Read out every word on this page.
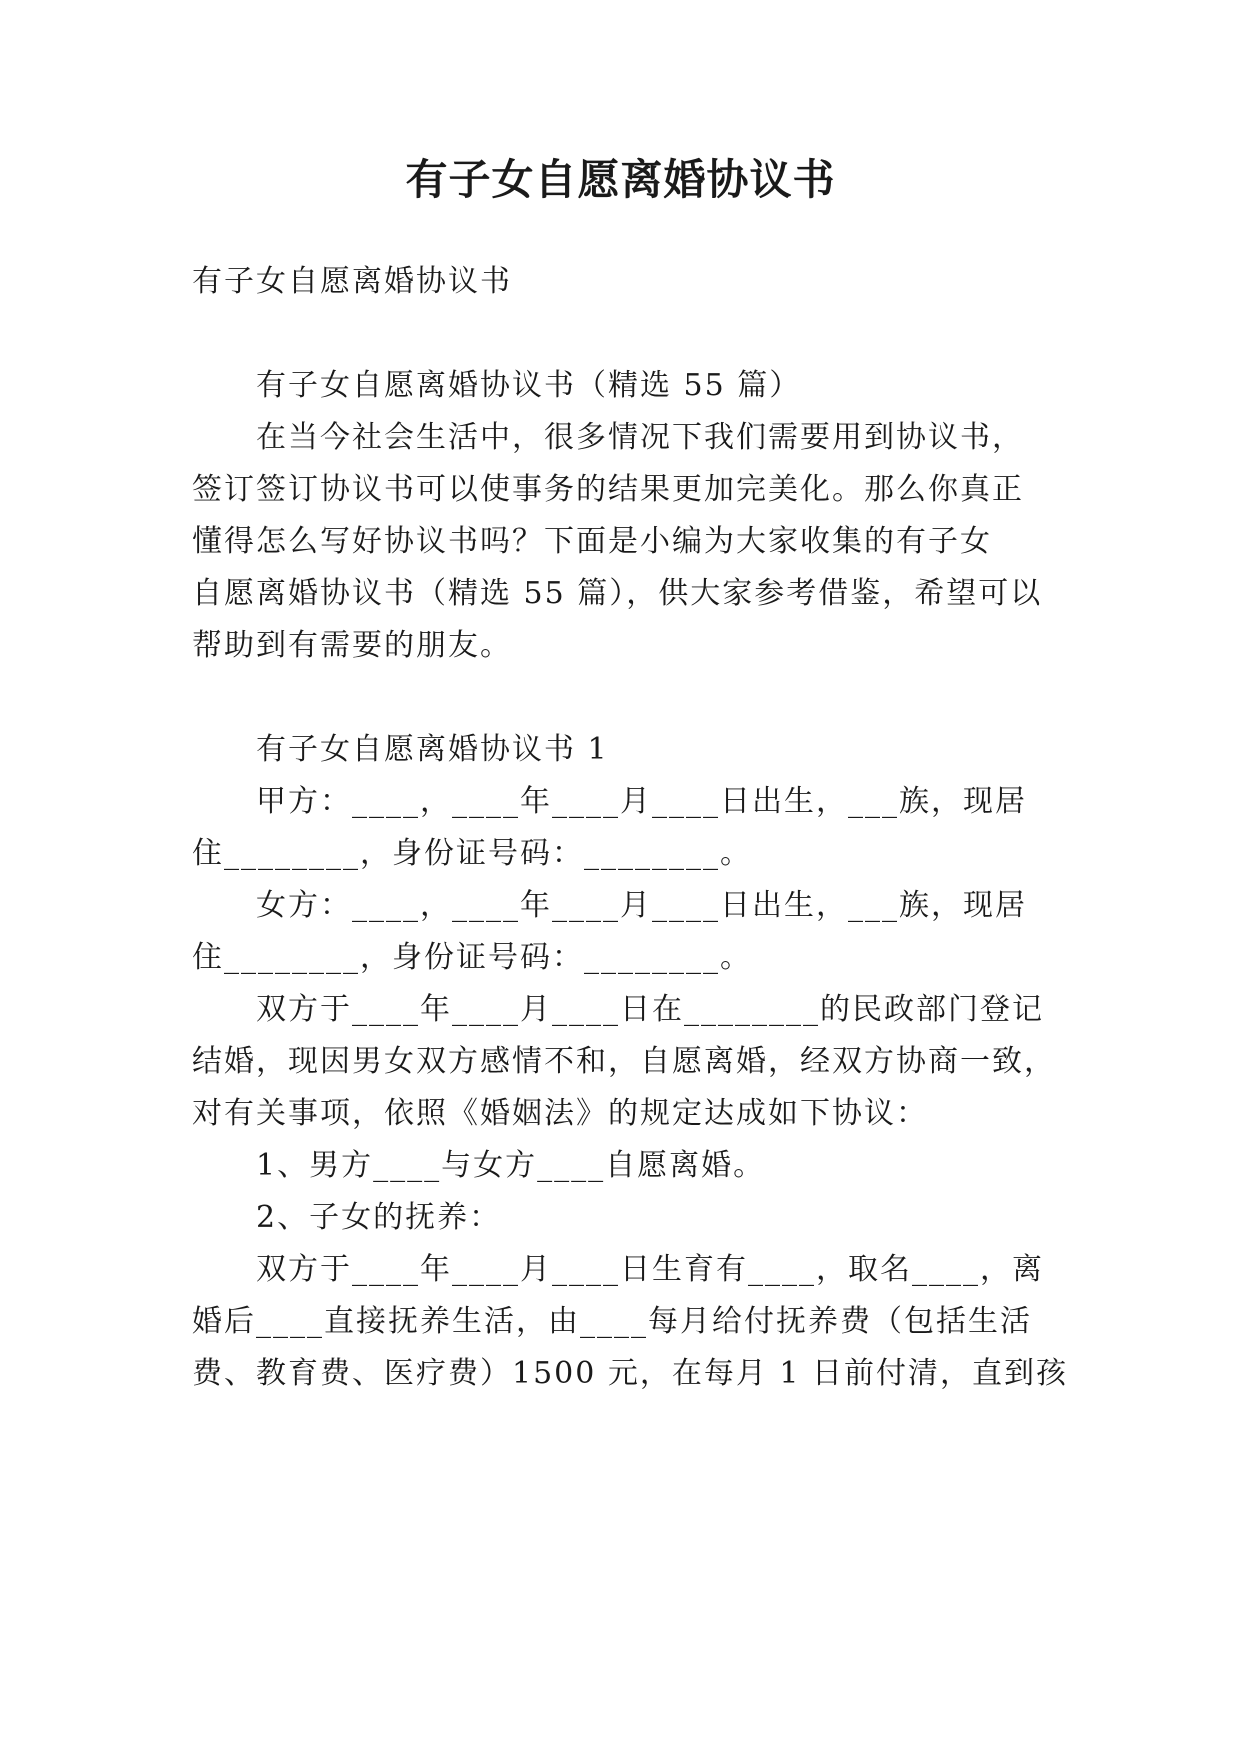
有子女自愿离婚协议书

有子女自愿离婚协议书

有子女自愿离婚协议书（精选 55 篇）

在当今社会生活中，很多情况下我们需要用到协议书，

签订签订协议书可以使事务的结果更加完美化。那么你真正

懂得怎么写好协议书吗？下面是小编为大家收集的有子女

自愿离婚协议书（精选 55 篇），供大家参考借鉴，希望可以

帮助到有需要的朋友。

有子女自愿离婚协议书 1

甲方：____，____年____月____日出生，___族，现居

住________，身份证号码：________。

女方：____，____年____月____日出生，___族，现居

住________，身份证号码：________。

双方于____年____月____日在________的民政部门登记

结婚，现因男女双方感情不和，自愿离婚，经双方协商一致，

对有关事项，依照《婚姻法》的规定达成如下协议：

1、男方____与女方____自愿离婚。

2、子女的抚养：

双方于____年____月____日生育有____，取名____，离

婚后____直接抚养生活，由____每月给付抚养费（包括生活

费、教育费、医疗费）1500 元，在每月 1 日前付清，直到孩
